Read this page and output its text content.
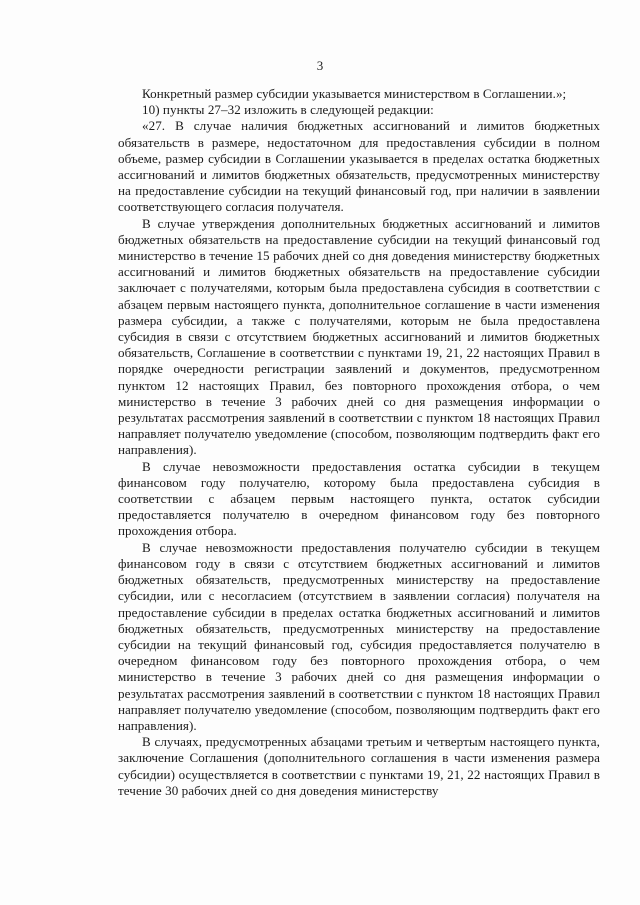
3

Конкретный размер субсидии указывается министерством в Соглашении.»;

10) пункты 27–32 изложить в следующей редакции:

«27. В случае наличия бюджетных ассигнований и лимитов бюджетных обязательств в размере, недостаточном для предоставления субсидии в полном объеме, размер субсидии в Соглашении указывается в пределах остатка бюджетных ассигнований и лимитов бюджетных обязательств, предусмотренных министерству на предоставление субсидии на текущий финансовый год, при наличии в заявлении соответствующего согласия получателя.

В случае утверждения дополнительных бюджетных ассигнований и лимитов бюджетных обязательств на предоставление субсидии на текущий финансовый год министерство в течение 15 рабочих дней со дня доведения министерству бюджетных ассигнований и лимитов бюджетных обязательств на предоставление субсидии заключает с получателями, которым была предоставлена субсидия в соответствии с абзацем первым настоящего пункта, дополнительное соглашение в части изменения размера субсидии, а также с получателями, которым не была предоставлена субсидия в связи с отсутствием бюджетных ассигнований и лимитов бюджетных обязательств, Соглашение в соответствии с пунктами 19, 21, 22 настоящих Правил в порядке очередности регистрации заявлений и документов, предусмотренном пунктом 12 настоящих Правил, без повторного прохождения отбора, о чем министерство в течение 3 рабочих дней со дня размещения информации о результатах рассмотрения заявлений в соответствии с пунктом 18 настоящих Правил направляет получателю уведомление (способом, позволяющим подтвердить факт его направления).

В случае невозможности предоставления остатка субсидии в текущем финансовом году получателю, которому была предоставлена субсидия в соответствии с абзацем первым настоящего пункта, остаток субсидии предоставляется получателю в очередном финансовом году без повторного прохождения отбора.

В случае невозможности предоставления получателю субсидии в текущем финансовом году в связи с отсутствием бюджетных ассигнований и лимитов бюджетных обязательств, предусмотренных министерству на предоставление субсидии, или с несогласием (отсутствием в заявлении согласия) получателя на предоставление субсидии в пределах остатка бюджетных ассигнований и лимитов бюджетных обязательств, предусмотренных министерству на предоставление субсидии на текущий финансовый год, субсидия предоставляется получателю в очередном финансовом году без повторного прохождения отбора, о чем министерство в течение 3 рабочих дней со дня размещения информации о результатах рассмотрения заявлений в соответствии с пунктом 18 настоящих Правил направляет получателю уведомление (способом, позволяющим подтвердить факт его направления).

В случаях, предусмотренных абзацами третьим и четвертым настоящего пункта, заключение Соглашения (дополнительного соглашения в части изменения размера субсидии) осуществляется в соответствии с пунктами 19, 21, 22 настоящих Правил в течение 30 рабочих дней со дня доведения министерству
